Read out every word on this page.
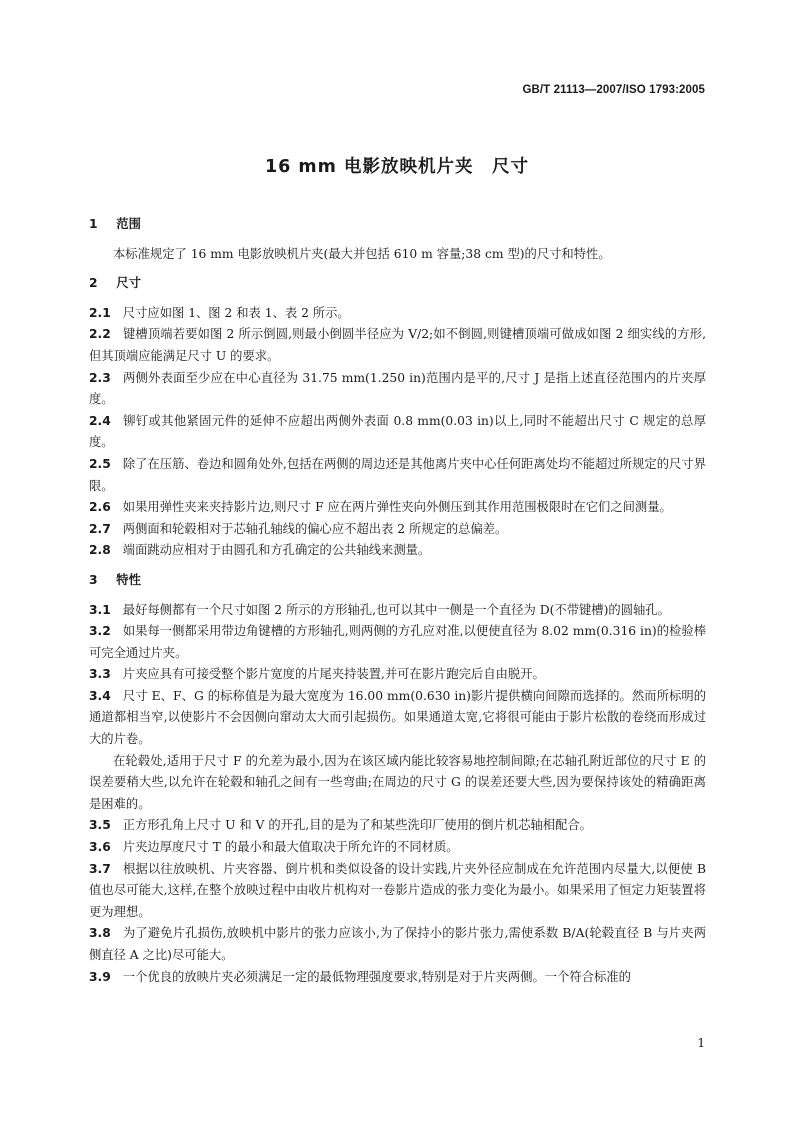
GB/T 21113—2007/ISO 1793:2005
16 mm 电影放映机片夹　尺寸
1 范围

本标准规定了 16 mm 电影放映机片夹(最大并包括 610 m 容量;38 cm 型)的尺寸和特性。

2 尺寸

2.1 尺寸应如图 1、图 2 和表 1、表 2 所示。

2.2 键槽顶端若要如图 2 所示倒圆,则最小倒圆半径应为 V/2;如不倒圆,则键槽顶端可做成如图 2 细实线的方形,但其顶端应能满足尺寸 U 的要求。

2.3 两侧外表面至少应在中心直径为 31.75 mm(1.250 in)范围内是平的,尺寸 J 是指上述直径范围内的片夹厚度。

2.4 铆钉或其他紧固元件的延伸不应超出两侧外表面 0.8 mm(0.03 in)以上,同时不能超出尺寸 C 规定的总厚度。

2.5 除了在压筋、卷边和圆角处外,包括在两侧的周边还是其他离片夹中心任何距离处均不能超过所规定的尺寸界限。

2.6 如果用弹性夹来夹持影片边,则尺寸 F 应在两片弹性夹向外侧压到其作用范围极限时在它们之间测量。

2.7 两侧面和轮毂相对于芯轴孔轴线的偏心应不超出表 2 所规定的总偏差。

2.8 端面跳动应相对于由圆孔和方孔确定的公共轴线来测量。

3 特性

3.1 最好每侧都有一个尺寸如图 2 所示的方形轴孔,也可以其中一侧是一个直径为 D(不带键槽)的圆轴孔。

3.2 如果每一侧都采用带边角键槽的方形轴孔,则两侧的方孔应对准,以便使直径为 8.02 mm(0.316 in)的检验棒可完全通过片夹。

3.3 片夹应具有可接受整个影片宽度的片尾夹持装置,并可在影片跑完后自由脱开。

3.4 尺寸 E、F、G 的标称值是为最大宽度为 16.00 mm(0.630 in)影片提供横向间隙而选择的。然而所标明的通道都相当窄,以使影片不会因侧向窜动太大而引起损伤。如果通道太宽,它将很可能由于影片松散的卷绕而形成过大的片卷。

在轮毂处,适用于尺寸 F 的允差为最小,因为在该区域内能比较容易地控制间隙;在芯轴孔附近部位的尺寸 E 的误差要稍大些,以允许在轮毂和轴孔之间有一些弯曲;在周边的尺寸 G 的误差还要大些,因为要保持该处的精确距离是困难的。

3.5 正方形孔角上尺寸 U 和 V 的开孔,目的是为了和某些洗印厂使用的倒片机芯轴相配合。

3.6 片夹边厚度尺寸 T 的最小和最大值取决于所允许的不同材质。

3.7 根据以往放映机、片夹容器、倒片机和类似设备的设计实践,片夹外径应制成在允许范围内尽量大,以便使 B 值也尽可能大,这样,在整个放映过程中由收片机构对一卷影片造成的张力变化为最小。如果采用了恒定力矩装置将更为理想。

3.8 为了避免片孔损伤,放映机中影片的张力应该小,为了保持小的影片张力,需使系数 B/A(轮毂直径 B 与片夹两侧直径 A 之比)尽可能大。

3.9 一个优良的放映片夹必须满足一定的最低物理强度要求,特别是对于片夹两侧。一个符合标准的

1
